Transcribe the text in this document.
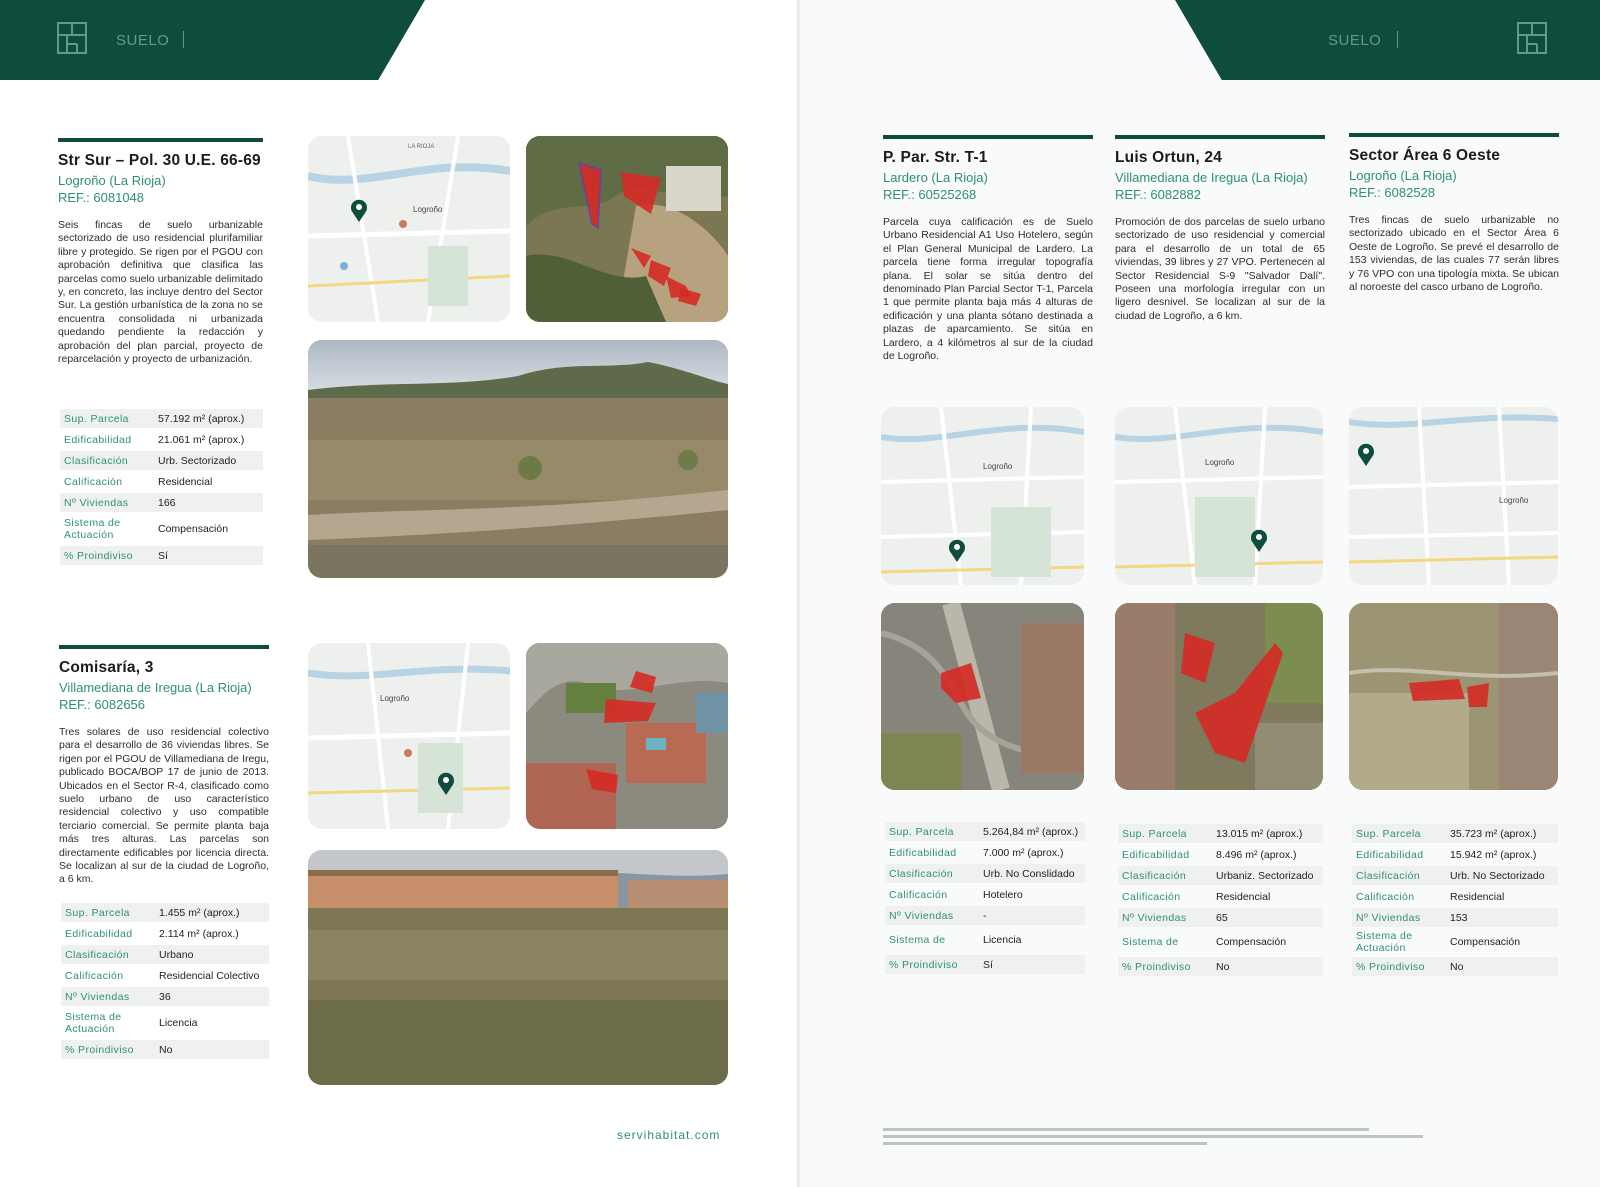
SUELO
Str Sur – Pol. 30 U.E. 66-69
Logroño (La Rioja)
REF.: 6081048
Seis fincas de suelo urbanizable sectorizado de uso residencial plurifamiliar libre y protegido. Se rigen por el PGOU con aprobación definitiva que clasifica las parcelas como suelo urbanizable delimitado y, en concreto, las incluye dentro del Sector Sur. La gestión urbanística de la zona no se encuentra consolidada ni urbanizada quedando pendiente la redacción y aprobación del plan parcial, proyecto de reparcelación y proyecto de urbanización.
Sup. Parcela	57.192 m² (aprox.)
Edificabilidad	21.061 m² (aprox.)
Clasificación	Urb. Sectorizado
Calificación	Residencial
Nº Viviendas	166
Sistema de Actuación	Compensación
% Proindiviso	Sí
Logroño
LA RIOJA
Comisaría, 3
Villamediana de Iregua (La Rioja)
REF.: 6082656
Tres solares de uso residencial colectivo para el desarrollo de 36 viviendas libres. Se rigen por el PGOU de Villamediana de Iregu, publicado BOCA/BOP 17 de junio de 2013. Ubicados en el Sector R-4, clasificado como suelo urbano de uso característico residencial colectivo y uso compatible terciario comercial. Se permite planta baja más tres alturas. Las parcelas son directamente edificables por licencia directa. Se localizan al sur de la ciudad de Logroño, a 6 km.
Sup. Parcela	1.455 m² (aprox.)
Edificabilidad	2.114 m² (aprox.)
Clasificación	Urbano
Calificación	Residencial Colectivo
Nº Viviendas	36
Sistema de Actuación	Licencia
% Proindiviso	No
Logroño
servihabitat.com
SUELO
P. Par. Str. T-1
Lardero (La Rioja)
REF.: 60525268
Parcela cuya calificación es de Suelo Urbano Residencial A1 Uso Hotelero, según el Plan General Municipal de Lardero. La parcela tiene forma irregular topografía plana. El solar se sitúa dentro del denominado Plan Parcial Sector T-1, Parcela 1 que permite planta baja más 4 alturas de edificación y una planta sótano destinada a plazas de aparcamiento. Se sitúa en Lardero, a 4 kilómetros al sur de la ciudad de Logroño.
Luis Ortun, 24
Villamediana de Iregua (La Rioja)
REF.: 6082882
Promoción de dos parcelas de suelo urbano sectorizado de uso residencial y comercial para el desarrollo de un total de 65 viviendas, 39 libres y 27 VPO. Pertenecen al Sector Residencial S-9 "Salvador Dalí". Poseen una morfología irregular con un ligero desnivel. Se localizan al sur de la ciudad de Logroño, a 6 km.
Sector Área 6 Oeste
Logroño (La Rioja)
REF.: 6082528
Tres fincas de suelo urbanizable no sectorizado ubicado en el Sector Área 6 Oeste de Logroño. Se prevé el desarrollo de 153 viviendas, de las cuales 77 serán libres y 76 VPO con una tipología mixta. Se ubican al noroeste del casco urbano de Logroño.
Logroño	Logroño
Logroño
Sup. Parcela	5.264,84 m² (aprox.)
Edificabilidad	7.000 m² (aprox.)
Clasificación	Urb. No Conslidado
Calificación	Hotelero
Nº Viviendas	-
Sistema de	Licencia
% Proindiviso	Sí
Sup. Parcela	13.015 m² (aprox.)
Edificabilidad	8.496 m² (aprox.)
Clasificación	Urbaniz. Sectorizado
Calificación	Residencial
Nº Viviendas	65
Sistema de	Compensación
% Proindiviso	No
Sup. Parcela	35.723 m² (aprox.)
Edificabilidad	15.942 m² (aprox.)
Clasificación	Urb. No Sectorizado
Calificación	Residencial
Nº Viviendas	153
Sistema de Actuación	Compensación
% Proindiviso	No
